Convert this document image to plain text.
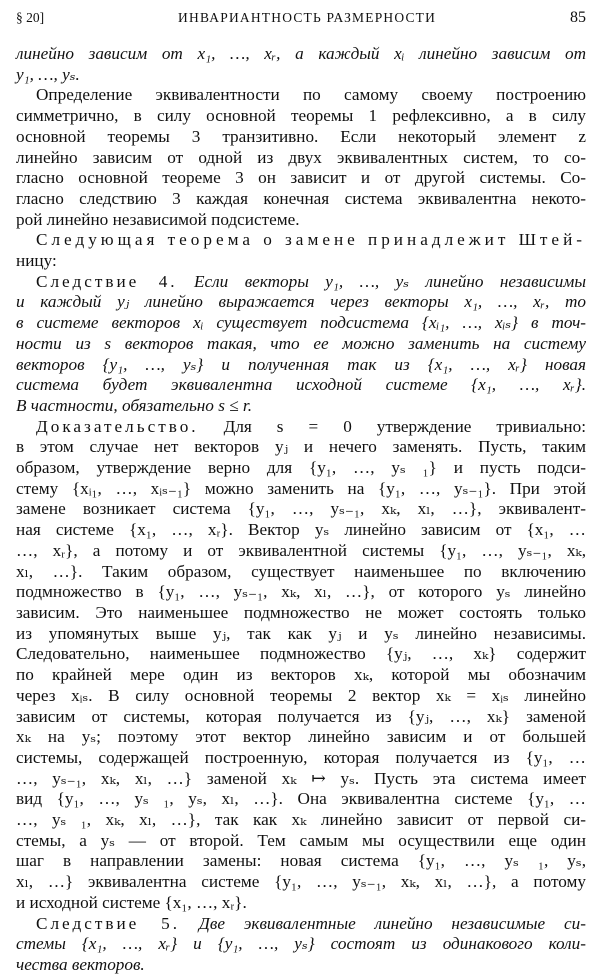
§ 20]	ИНВАРИАНТНОСТЬ РАЗМЕРНОСТИ	85
линейно зависим от x₁, …, xᵣ, а каждый xᵢ линейно зависим от
y₁, …, yₛ.
Определение эквивалентности по самому своему построению
симметрично, в силу основной теоремы 1 рефлексивно, а в силу
основной теоремы 3 транзитивно. Если некоторый элемент z
линейно зависим от одной из двух эквивалентных систем, то со-
гласно основной теореме 3 он зависит и от другой системы. Со-
гласно следствию 3 каждая конечная система эквивалентна некото-
рой линейно независимой подсистеме.
Следующая теорема о замене принадлежит Штей-
ницу:
Следствие 4. Если векторы y₁, …, yₛ линейно независимы
и каждый yⱼ линейно выражается через векторы x₁, …, xᵣ, то
в системе векторов xᵢ существует подсистема {xᵢ₁, …, xᵢₛ} в точ-
ности из s векторов такая, что ее можно заменить на систему
векторов {y₁, …, yₛ} и полученная так из {x₁, …, xᵣ} новая
система будет эквивалентна исходной системе {x₁, …, xᵣ}.
В частности, обязательно s ≤ r.
Доказательство. Для s = 0 утверждение тривиально:
в этом случае нет векторов yⱼ и нечего заменять. Пусть, таким
образом, утверждение верно для {y₁, …, yₛ ₁} и пусть подси-
стему {xᵢ₁, …, xᵢₛ₋₁} можно заменить на {y₁, …, yₛ₋₁}. При этой
замене возникает система {y₁, …, yₛ₋₁, xₖ, xₗ, …}, эквивалент-
ная системе {x₁, …, xᵣ}. Вектор yₛ линейно зависим от {x₁, …
…, xᵣ}, а потому и от эквивалентной системы {y₁, …, yₛ₋₁, xₖ,
xₗ, …}. Таким образом, существует наименьшее по включению
подмножество в {y₁, …, yₛ₋₁, xₖ, xₗ, …}, от которого yₛ линейно
зависим. Это наименьшее подмножество не может состоять только
из упомянутых выше yⱼ, так как yⱼ и yₛ линейно независимы.
Следовательно, наименьшее подмножество {yⱼ, …, xₖ} содержит
по крайней мере один из векторов xₖ, которой мы обозначим
через xᵢₛ. В силу основной теоремы 2 вектор xₖ = xᵢₛ линейно
зависим от системы, которая получается из {yⱼ, …, xₖ} заменой
xₖ на yₛ; поэтому этот вектор линейно зависим и от большей
системы, содержащей построенную, которая получается из {y₁, …
…, yₛ₋₁, xₖ, xₗ, …} заменой xₖ ↦ yₛ. Пусть эта система имеет
вид {y₁, …, yₛ ₁, yₛ, xₗ, …}. Она эквивалентна системе {y₁, …
…, yₛ ₁, xₖ, xₗ, …}, так как xₖ линейно зависит от первой си-
стемы, а yₛ — от второй. Тем самым мы осуществили еще один
шаг в направлении замены: новая система {y₁, …, yₛ ₁, yₛ,
xₗ, …} эквивалентна системе {y₁, …, yₛ₋₁, xₖ, xₗ, …}, а потому
и исходной системе {x₁, …, xᵣ}.
Следствие 5. Две эквивалентные линейно независимые си-
стемы {x₁, …, xᵣ} и {y₁, …, yₛ} состоят из одинакового коли-
чества векторов.
